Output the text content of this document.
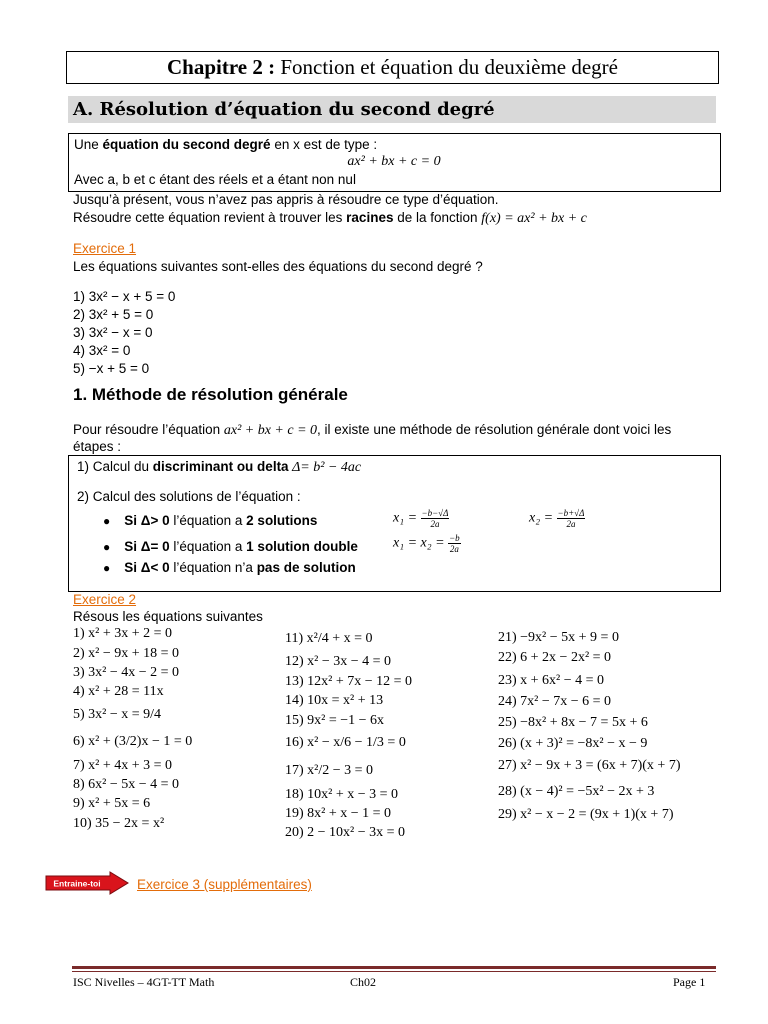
Chapitre 2 : Fonction et équation du deuxième degré
A. Résolution d’équation du second degré
Une équation du second degré en x est de type :
ax² + bx + c = 0
Avec a, b et c étant des réels et a étant non nul
Jusqu’à présent, vous n’avez pas appris à résoudre ce type d’équation.
Résoudre cette équation revient à trouver les racines de la fonction f(x) = ax² + bx + c
Exercice 1
Les équations suivantes sont-elles des équations du second degré ?
1) 3x² − x + 5 = 0
2) 3x² + 5 = 0
3) 3x² − x = 0
4) 3x² = 0
5) −x + 5 = 0
1. Méthode de résolution générale
Pour résoudre l’équation ax² + bx + c = 0, il existe une méthode de résolution générale dont voici les
étapes :
1) Calcul du discriminant ou delta Δ= b² − 4ac
2) Calcul des solutions de l’équation :
● Si Δ> 0 l’équation a 2 solutions	$x_1 = \frac{-b-√\Delta}{2a}$	$x_2 = \frac{-b+√\Delta}{2a}$
● Si Δ= 0 l’équation a 1 solution double	$x_1 = x_2 = \frac{-b}{2a}$
● Si Δ< 0 l’équation n’a pas de solution
Exercice 2
Résous les équations suivantes
1) x² + 3x + 2 = 0
2) x² − 9x + 18 = 0
3) 3x² − 4x − 2 = 0
4) x² + 28 = 11x
5) 3x² − x = 9/4
6) x² + (3/2)x − 1 = 0
7) x² + 4x + 3 = 0
8) 6x² − 5x − 4 = 0
9) x² + 5x = 6
10) 35 − 2x = x²
11) x²/4 + x = 0
12) x² − 3x − 4 = 0
13) 12x² + 7x − 12 = 0
14) 10x = x² + 13
15) 9x² = −1 − 6x
16) x² − x/6 − 1/3 = 0
17) x²/2 − 3 = 0
18) 10x² + x − 3 = 0
19) 8x² + x − 1 = 0
20) 2 − 10x² − 3x = 0
21) −9x² − 5x + 9 = 0
22) 6 + 2x − 2x² = 0
23) x + 6x² − 4 = 0
24) 7x² − 7x − 6 = 0
25) −8x² + 8x − 7 = 5x + 6
26) (x + 3)² = −8x² − x − 9
27) x² − 9x + 3 = (6x + 7)(x + 7)
28) (x − 4)² = −5x² − 2x + 3
29) x² − x − 2 = (9x + 1)(x + 7)
Entraine-toi	Exercice 3 (supplémentaires)
ISC Nivelles – 4GT-TT Math	Ch02	Page 1
